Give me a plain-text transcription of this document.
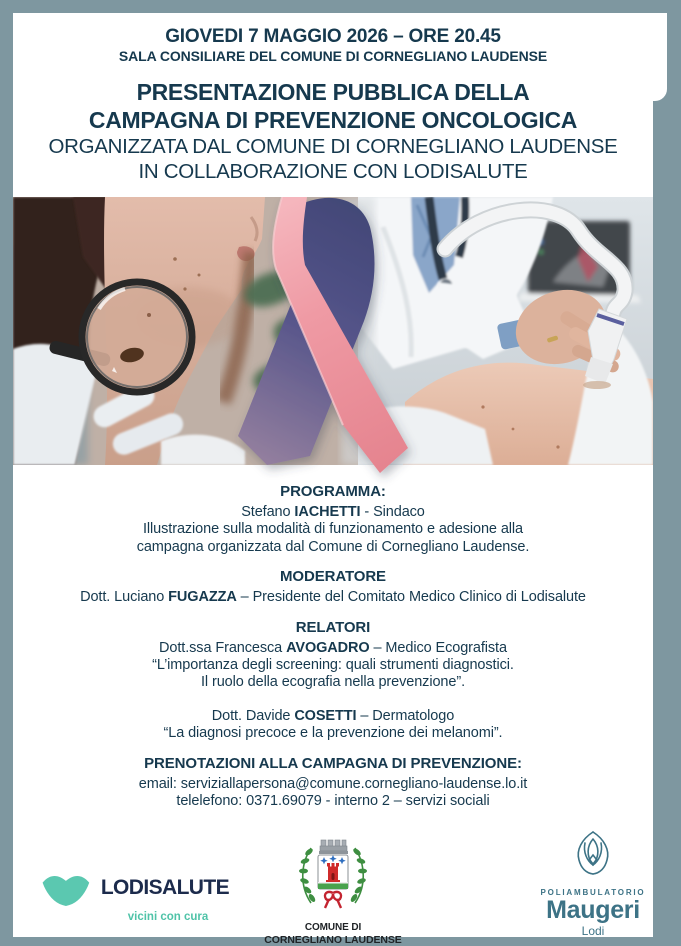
GIOVEDI 7 MAGGIO 2026 – ORE 20.45
SALA CONSILIARE DEL COMUNE DI CORNEGLIANO LAUDENSE
PRESENTAZIONE PUBBLICA DELLA
CAMPAGNA DI PREVENZIONE ONCOLOGICA
ORGANIZZATA DAL COMUNE DI CORNEGLIANO LAUDENSE
IN COLLABORAZIONE CON LODISALUTE
PROGRAMMA:
Stefano IACHETTI - Sindaco
Illustrazione sulla modalità di funzionamento e adesione alla
campagna organizzata dal Comune di Cornegliano Laudense.
MODERATORE
Dott. Luciano FUGAZZA – Presidente del Comitato Medico Clinico di Lodisalute
RELATORI
Dott.ssa Francesca AVOGADRO – Medico Ecografista
“L’importanza degli screening: quali strumenti diagnostici.
Il ruolo della ecografia nella prevenzione”.
Dott. Davide COSETTI – Dermatologo
“La diagnosi precoce e la prevenzione dei melanomi”.
PRENOTAZIONI ALLA CAMPAGNA DI PREVENZIONE:
email: serviziallapersona@comune.cornegliano-laudense.lo.it
telelefono: 0371.69079 - interno 2 – servizi sociali
LODISALUTE
vicini con cura
COMUNE DI
CORNEGLIANO LAUDENSE
POLIAMBULATORIO
Maugeri
Lodi
